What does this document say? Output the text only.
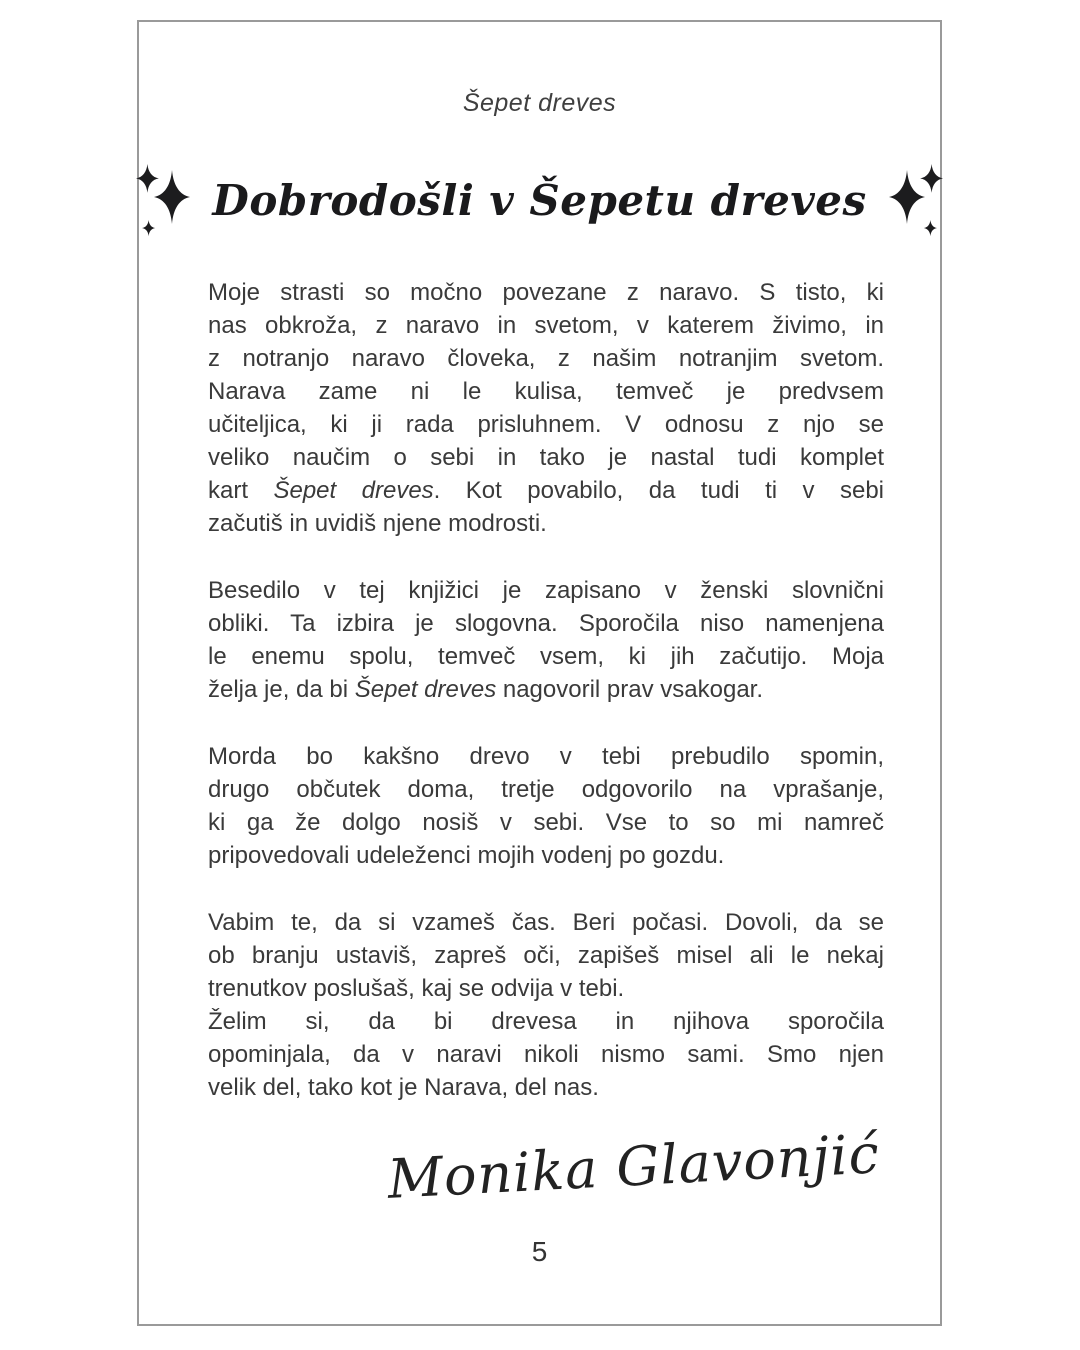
Šepet dreves
Dobrodošli v Šepetu dreves
Moje strasti so močno povezane z naravo. S tisto, ki
nas obkroža, z naravo in svetom, v katerem živimo, in
z notranjo naravo človeka, z našim notranjim svetom.
Narava zame ni le kulisa, temveč je predvsem
učiteljica, ki ji rada prisluhnem. V odnosu z njo se
veliko naučim o sebi in tako je nastal tudi komplet
kart Šepet dreves. Kot povabilo, da tudi ti v sebi
začutiš in uvidiš njene modrosti.
Besedilo v tej knjižici je zapisano v ženski slovnični
obliki. Ta izbira je slogovna. Sporočila niso namenjena
le enemu spolu, temveč vsem, ki jih začutijo. Moja
želja je, da bi Šepet dreves nagovoril prav vsakogar.
Morda bo kakšno drevo v tebi prebudilo spomin,
drugo občutek doma, tretje odgovorilo na vprašanje,
ki ga že dolgo nosiš v sebi. Vse to so mi namreč
pripovedovali udeleženci mojih vodenj po gozdu.
Vabim te, da si vzameš čas. Beri počasi. Dovoli, da se
ob branju ustaviš, zapreš oči, zapišeš misel ali le nekaj
trenutkov poslušaš, kaj se odvija v tebi.
Želim si, da bi drevesa in njihova sporočila
opominjala, da v naravi nikoli nismo sami. Smo njen
velik del, tako kot je Narava, del nas.
Monika Glavonjić
5
